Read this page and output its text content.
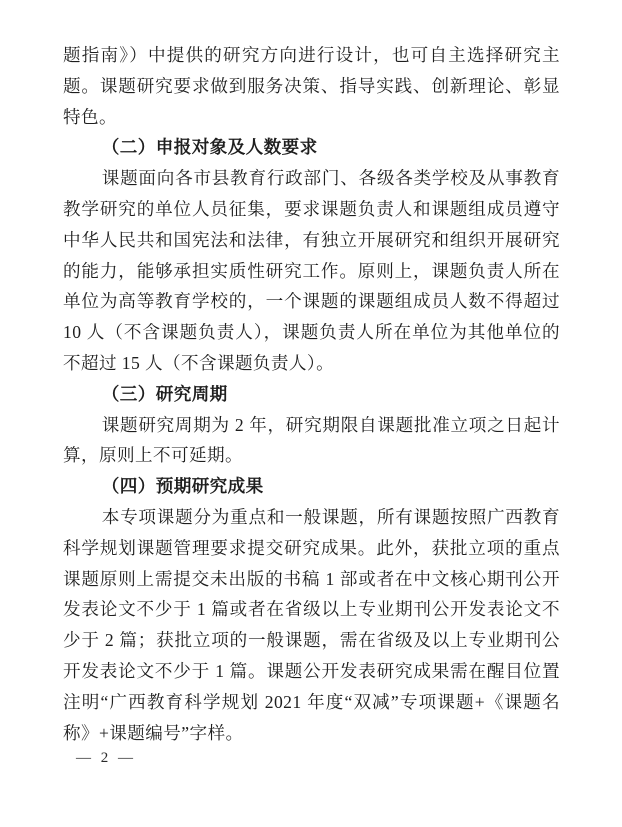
题指南》）中提供的研究方向进行设计，也可自主选择研究主题。课题研究要求做到服务决策、指导实践、创新理论、彰显特色。

（二）申报对象及人数要求

课题面向各市县教育行政部门、各级各类学校及从事教育教学研究的单位人员征集，要求课题负责人和课题组成员遵守中华人民共和国宪法和法律，有独立开展研究和组织开展研究的能力，能够承担实质性研究工作。原则上，课题负责人所在单位为高等教育学校的，一个课题的课题组成员人数不得超过 10 人（不含课题负责人），课题负责人所在单位为其他单位的不超过 15 人（不含课题负责人）。

（三）研究周期

课题研究周期为 2 年，研究期限自课题批准立项之日起计算，原则上不可延期。

（四）预期研究成果

本专项课题分为重点和一般课题，所有课题按照广西教育科学规划课题管理要求提交研究成果。此外，获批立项的重点课题原则上需提交未出版的书稿 1 部或者在中文核心期刊公开发表论文不少于 1 篇或者在省级以上专业期刊公开发表论文不少于 2 篇；获批立项的一般课题，需在省级及以上专业期刊公开发表论文不少于 1 篇。课题公开发表研究成果需在醒目位置注明“广西教育科学规划 2021 年度“双减”专项课题+《课题名称》+课题编号”字样。

— 2 —
